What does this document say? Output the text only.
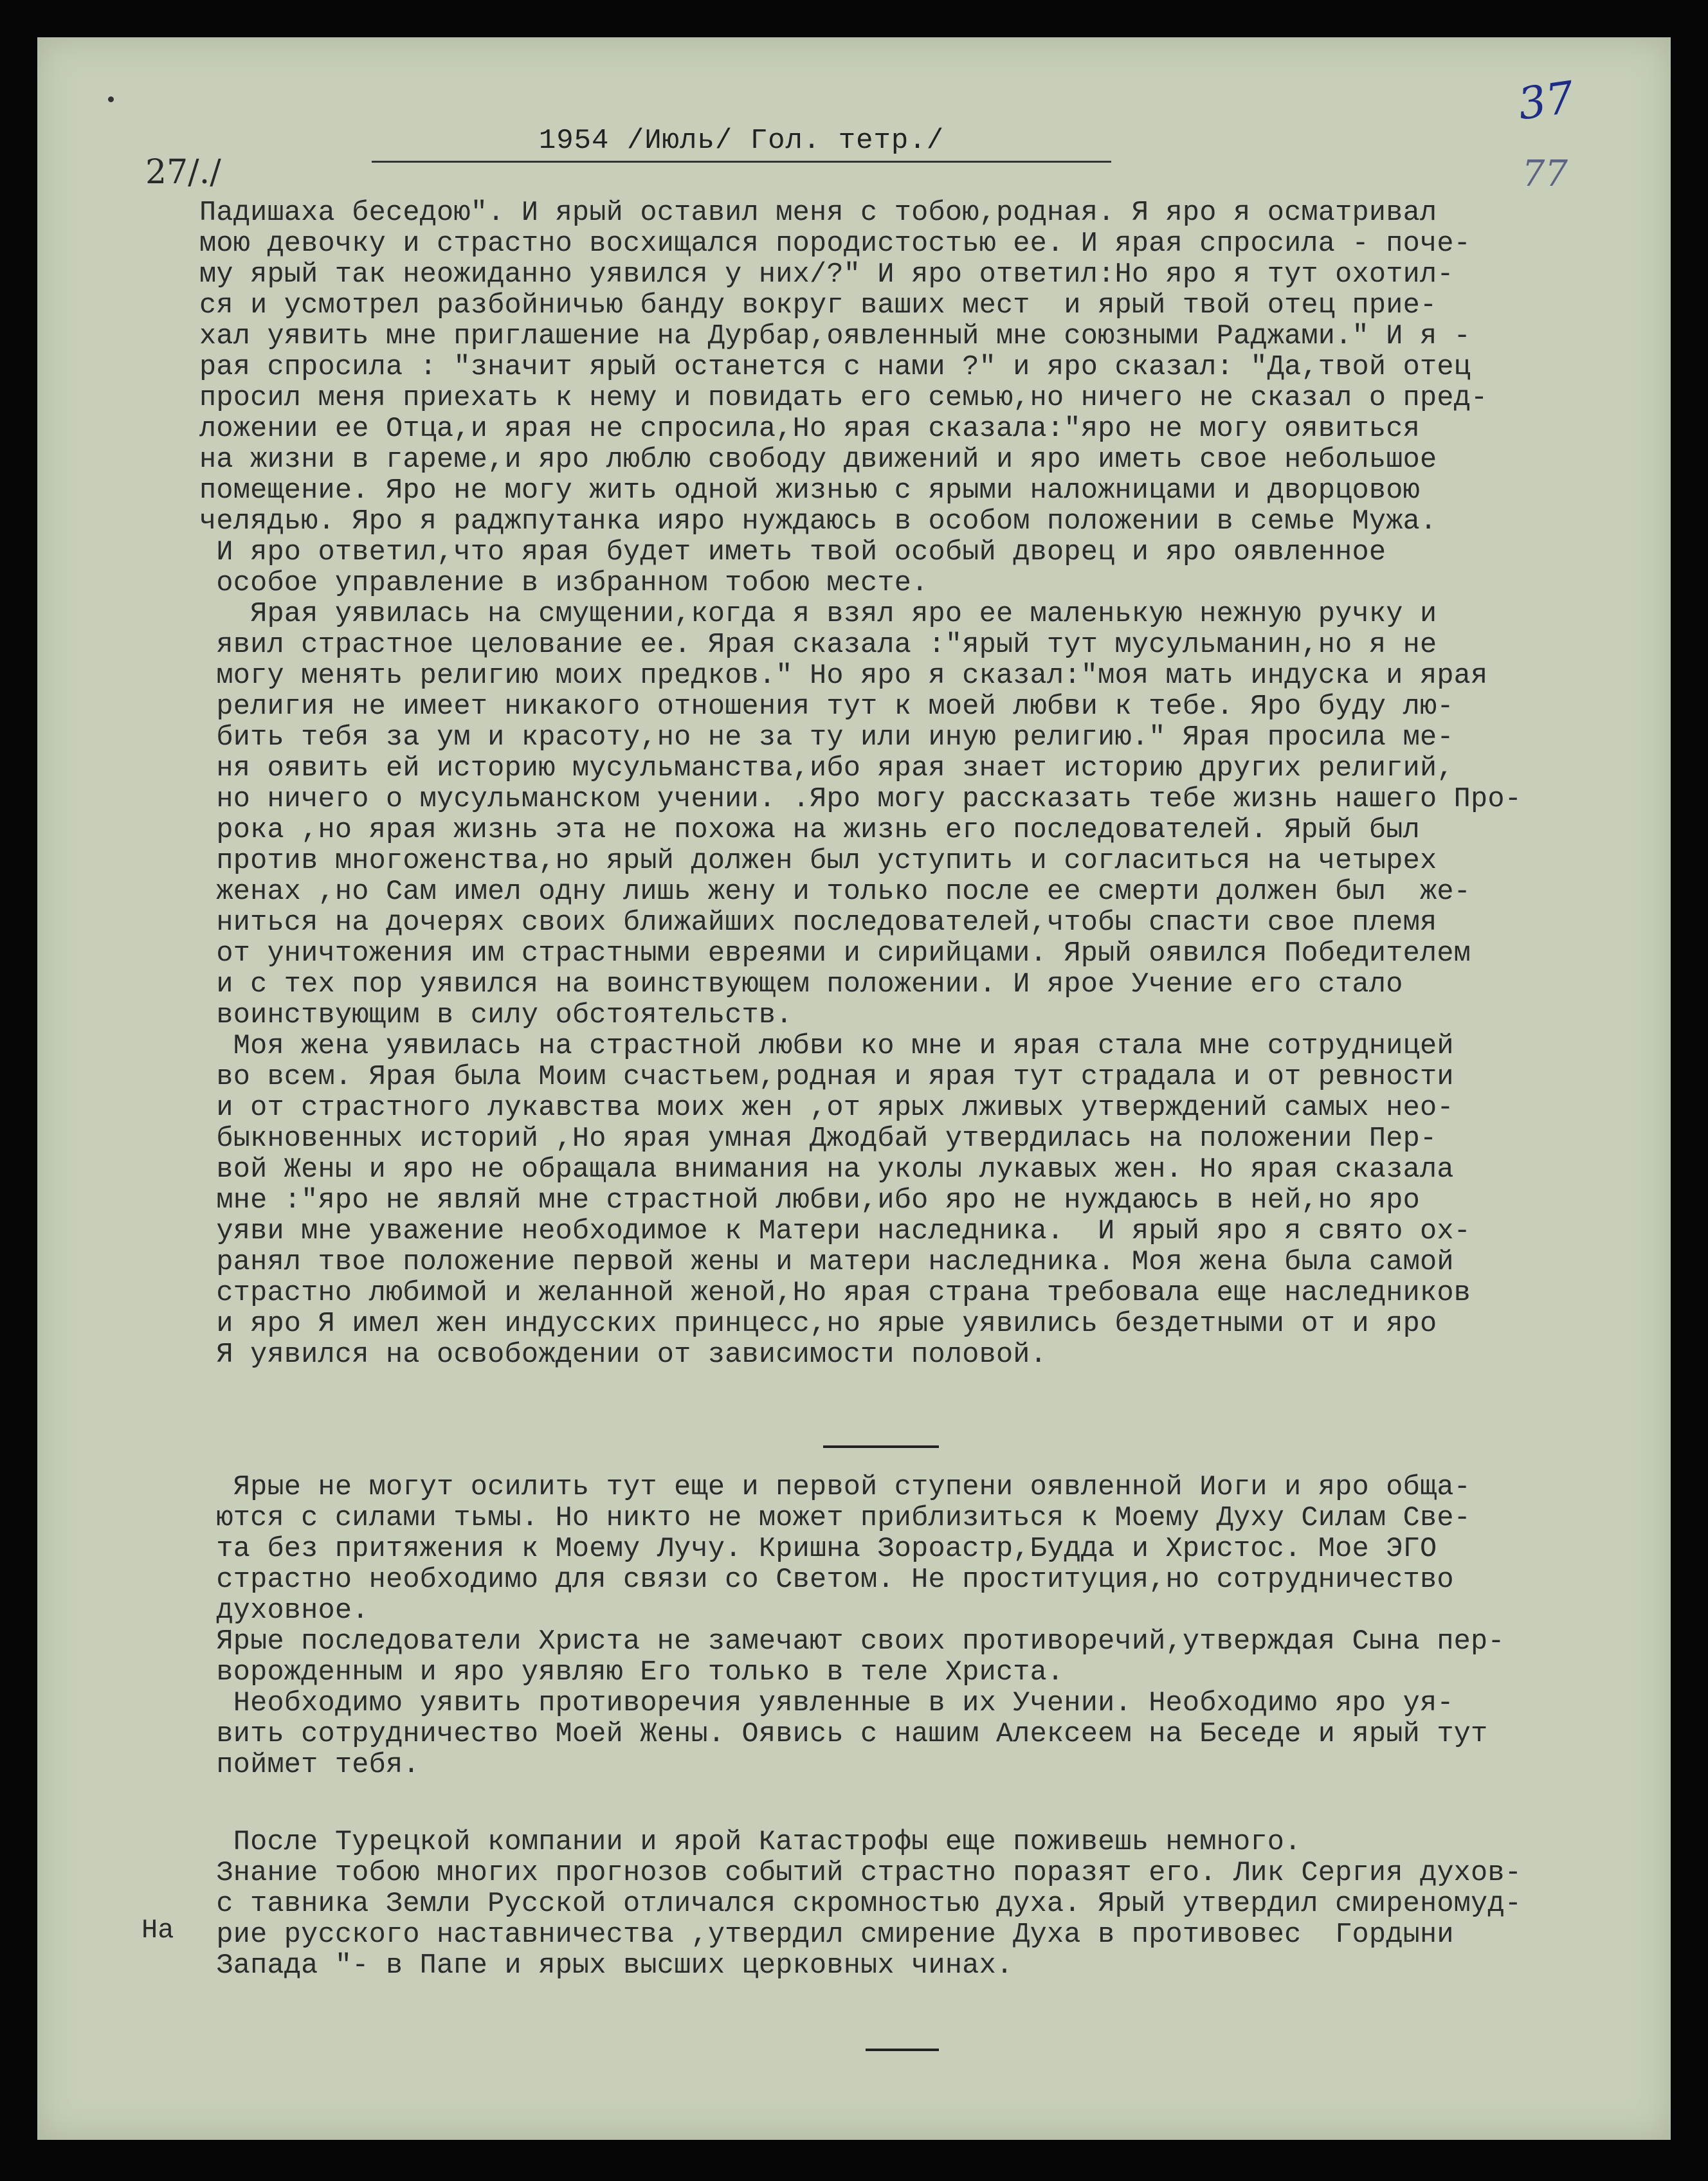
37
77
27/./
1954 /Июль/ Гол. тетр./
Падишаха беседою". И ярый оставил меня с тобою,родная. Я яро я осматривал
мою девочку и страстно восхищался породистостью ее. И ярая спросила - поче-
му ярый так неожиданно уявился у них/?" И яро ответил:Но яро я тут охотил-
ся и усмотрел разбойничью банду вокруг ваших мест  и ярый твой отец прие-
хал уявить мне приглашение на Дурбар,оявленный мне союзными Раджами." И я -
рая спросила : "значит ярый останется с нами ?" и яро сказал: "Да,твой отец
просил меня приехать к нему и повидать его семью,но ничего не сказал о пред-
ложении ее Отца,и ярая не спросила,Но ярая сказала:"яро не могу оявиться
на жизни в гареме,и яро люблю свободу движений и яро иметь свое небольшое
помещение. Яро не могу жить одной жизнью с ярыми наложницами и дворцовою
челядью. Яро я раджпутанка ияро нуждаюсь в особом положении в семье Мужа.
И яро ответил,что ярая будет иметь твой особый дворец и яро оявленное
особое управление в избранном тобою месте.
Ярая уявилась на смущении,когда я взял яро ее маленькую нежную ручку и
явил страстное целование ее. Ярая сказала :"ярый тут мусульманин,но я не
могу менять религию моих предков." Но яро я сказал:"моя мать индуска и ярая
религия не имеет никакого отношения тут к моей любви к тебе. Яро буду лю-
бить тебя за ум и красоту,но не за ту или иную религию." Ярая просила ме-
ня оявить ей историю мусульманства,ибо ярая знает историю других религий,
но ничего о мусульманском учении. .Яро могу рассказать тебе жизнь нашего Про-
рока ,но ярая жизнь эта не похожа на жизнь его последователей. Ярый был
против многоженства,но ярый должен был уступить и согласиться на четырех
женах ,но Сам имел одну лишь жену и только после ее смерти должен был  же-
ниться на дочерях своих ближайших последователей,чтобы спасти свое племя
от уничтожения им страстными евреями и сирийцами. Ярый оявился Победителем
и с тех пор уявился на воинствующем положении. И ярое Учение его стало
воинствующим в силу обстоятельств.
Моя жена уявилась на страстной любви ко мне и ярая стала мне сотрудницей
во всем. Ярая была Моим счастьем,родная и ярая тут страдала и от ревности
и от страстного лукавства моих жен ,от ярых лживых утверждений самых нео-
быкновенных историй ,Но ярая умная Джодбай утвердилась на положении Пер-
вой Жены и яро не обращала внимания на уколы лукавых жен. Но ярая сказала
мне :"яро не являй мне страстной любви,ибо яро не нуждаюсь в ней,но яро
уяви мне уважение необходимое к Матери наследника.  И ярый яро я свято ох-
ранял твое положение первой жены и матери наследника. Моя жена была самой
страстно любимой и желанной женой,Но ярая страна требовала еще наследников
и яро Я имел жен индусских принцесс,но ярые уявились бездетными от и яро
Я уявился на освобождении от зависимости половой.
Ярые не могут осилить тут еще и первой ступени оявленной Иоги и яро обща-
ются с силами тьмы. Но никто не может приблизиться к Моему Духу Силам Све-
та без притяжения к Моему Лучу. Кришна Зороастр,Будда и Христос. Мое ЭГО
страстно необходимо для связи со Светом. Не проституция,но сотрудничество
духовное.
Ярые последователи Христа не замечают своих противоречий,утверждая Сына пер-
ворожденным и яро уявляю Его только в теле Христа.
Необходимо уявить противоречия уявленные в их Учении. Необходимо яро уя-
вить сотрудничество Моей Жены. Оявись с нашим Алексеем на Беседе и ярый тут
поймет тебя.
После Турецкой компании и ярой Катастрофы еще поживешь немного.
Знание тобою многих прогнозов событий страстно поразят его. Лик Сергия духов-
с тавника Земли Русской отличался скромностью духа. Ярый утвердил смиреномуд-
рие русского наставничества ,утвердил смирение Духа в противовес  Гордыни
Запада "- в Папе и ярых высших церковных чинах.
На
